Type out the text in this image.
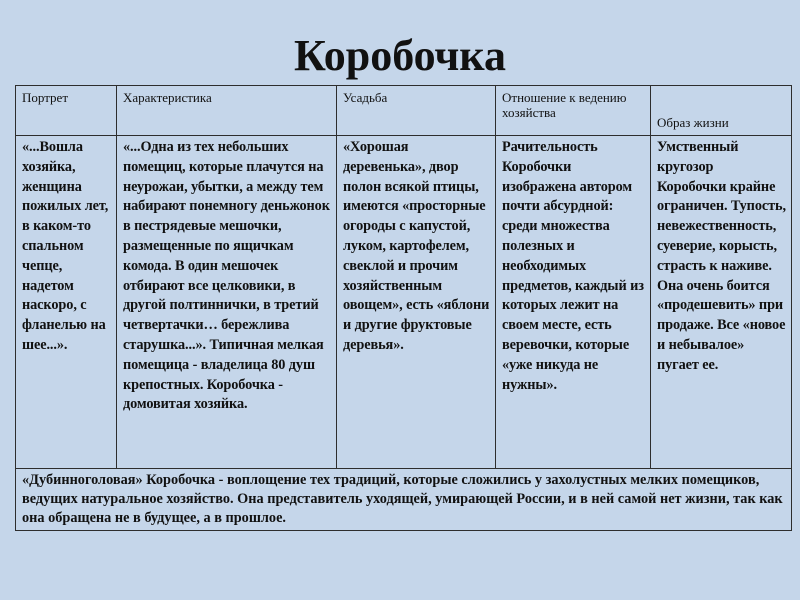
Коробочка
Портрет	Характеристика	Усадьба	Отношение к ведению хозяйства	Образ жизни
«...Вошла хозяйка, женщина пожилых лет, в каком-то спальном чепце, надетом наскоро, с фланелью на шее...».	«...Одна из тех небольших помещиц, которые плачутся на неурожаи, убытки, а между тем набирают понемногу деньжонок в пестрядевые мешочки, размещенные по ящичкам комода. В один мешочек отбирают все целковики, в другой полтиннички, в третий четвертачки… бережлива старушка...». Типичная мелкая помещица - владелица 80 душ крепостных. Коробочка - домовитая хозяйка.	«Хорошая деревенька», двор полон всякой птицы, имеются «просторные огороды с капустой, луком, картофелем, свеклой и прочим хозяйственным овощем», есть «яблони и другие фруктовые деревья».	Рачительность Коробочки изображена автором почти абсурдной: среди множества полезных и необходимых предметов, каждый из которых лежит на своем месте, есть веревочки, которые «уже никуда не нужны».	Умственный кругозор Коробочки крайне ограничен. Тупость, невежественность, суеверие, корысть, страсть к наживе. Она очень боится «продешевить» при продаже. Все «новое и небывалое» пугает ее.
«Дубинноголовая» Коробочка - воплощение тех традиций, которые сложились у захолустных мелких помещиков, ведущих натуральное хозяйство. Она представитель уходящей, умирающей России, и в ней самой нет жизни, так как она обращена не в будущее, а в прошлое.				
